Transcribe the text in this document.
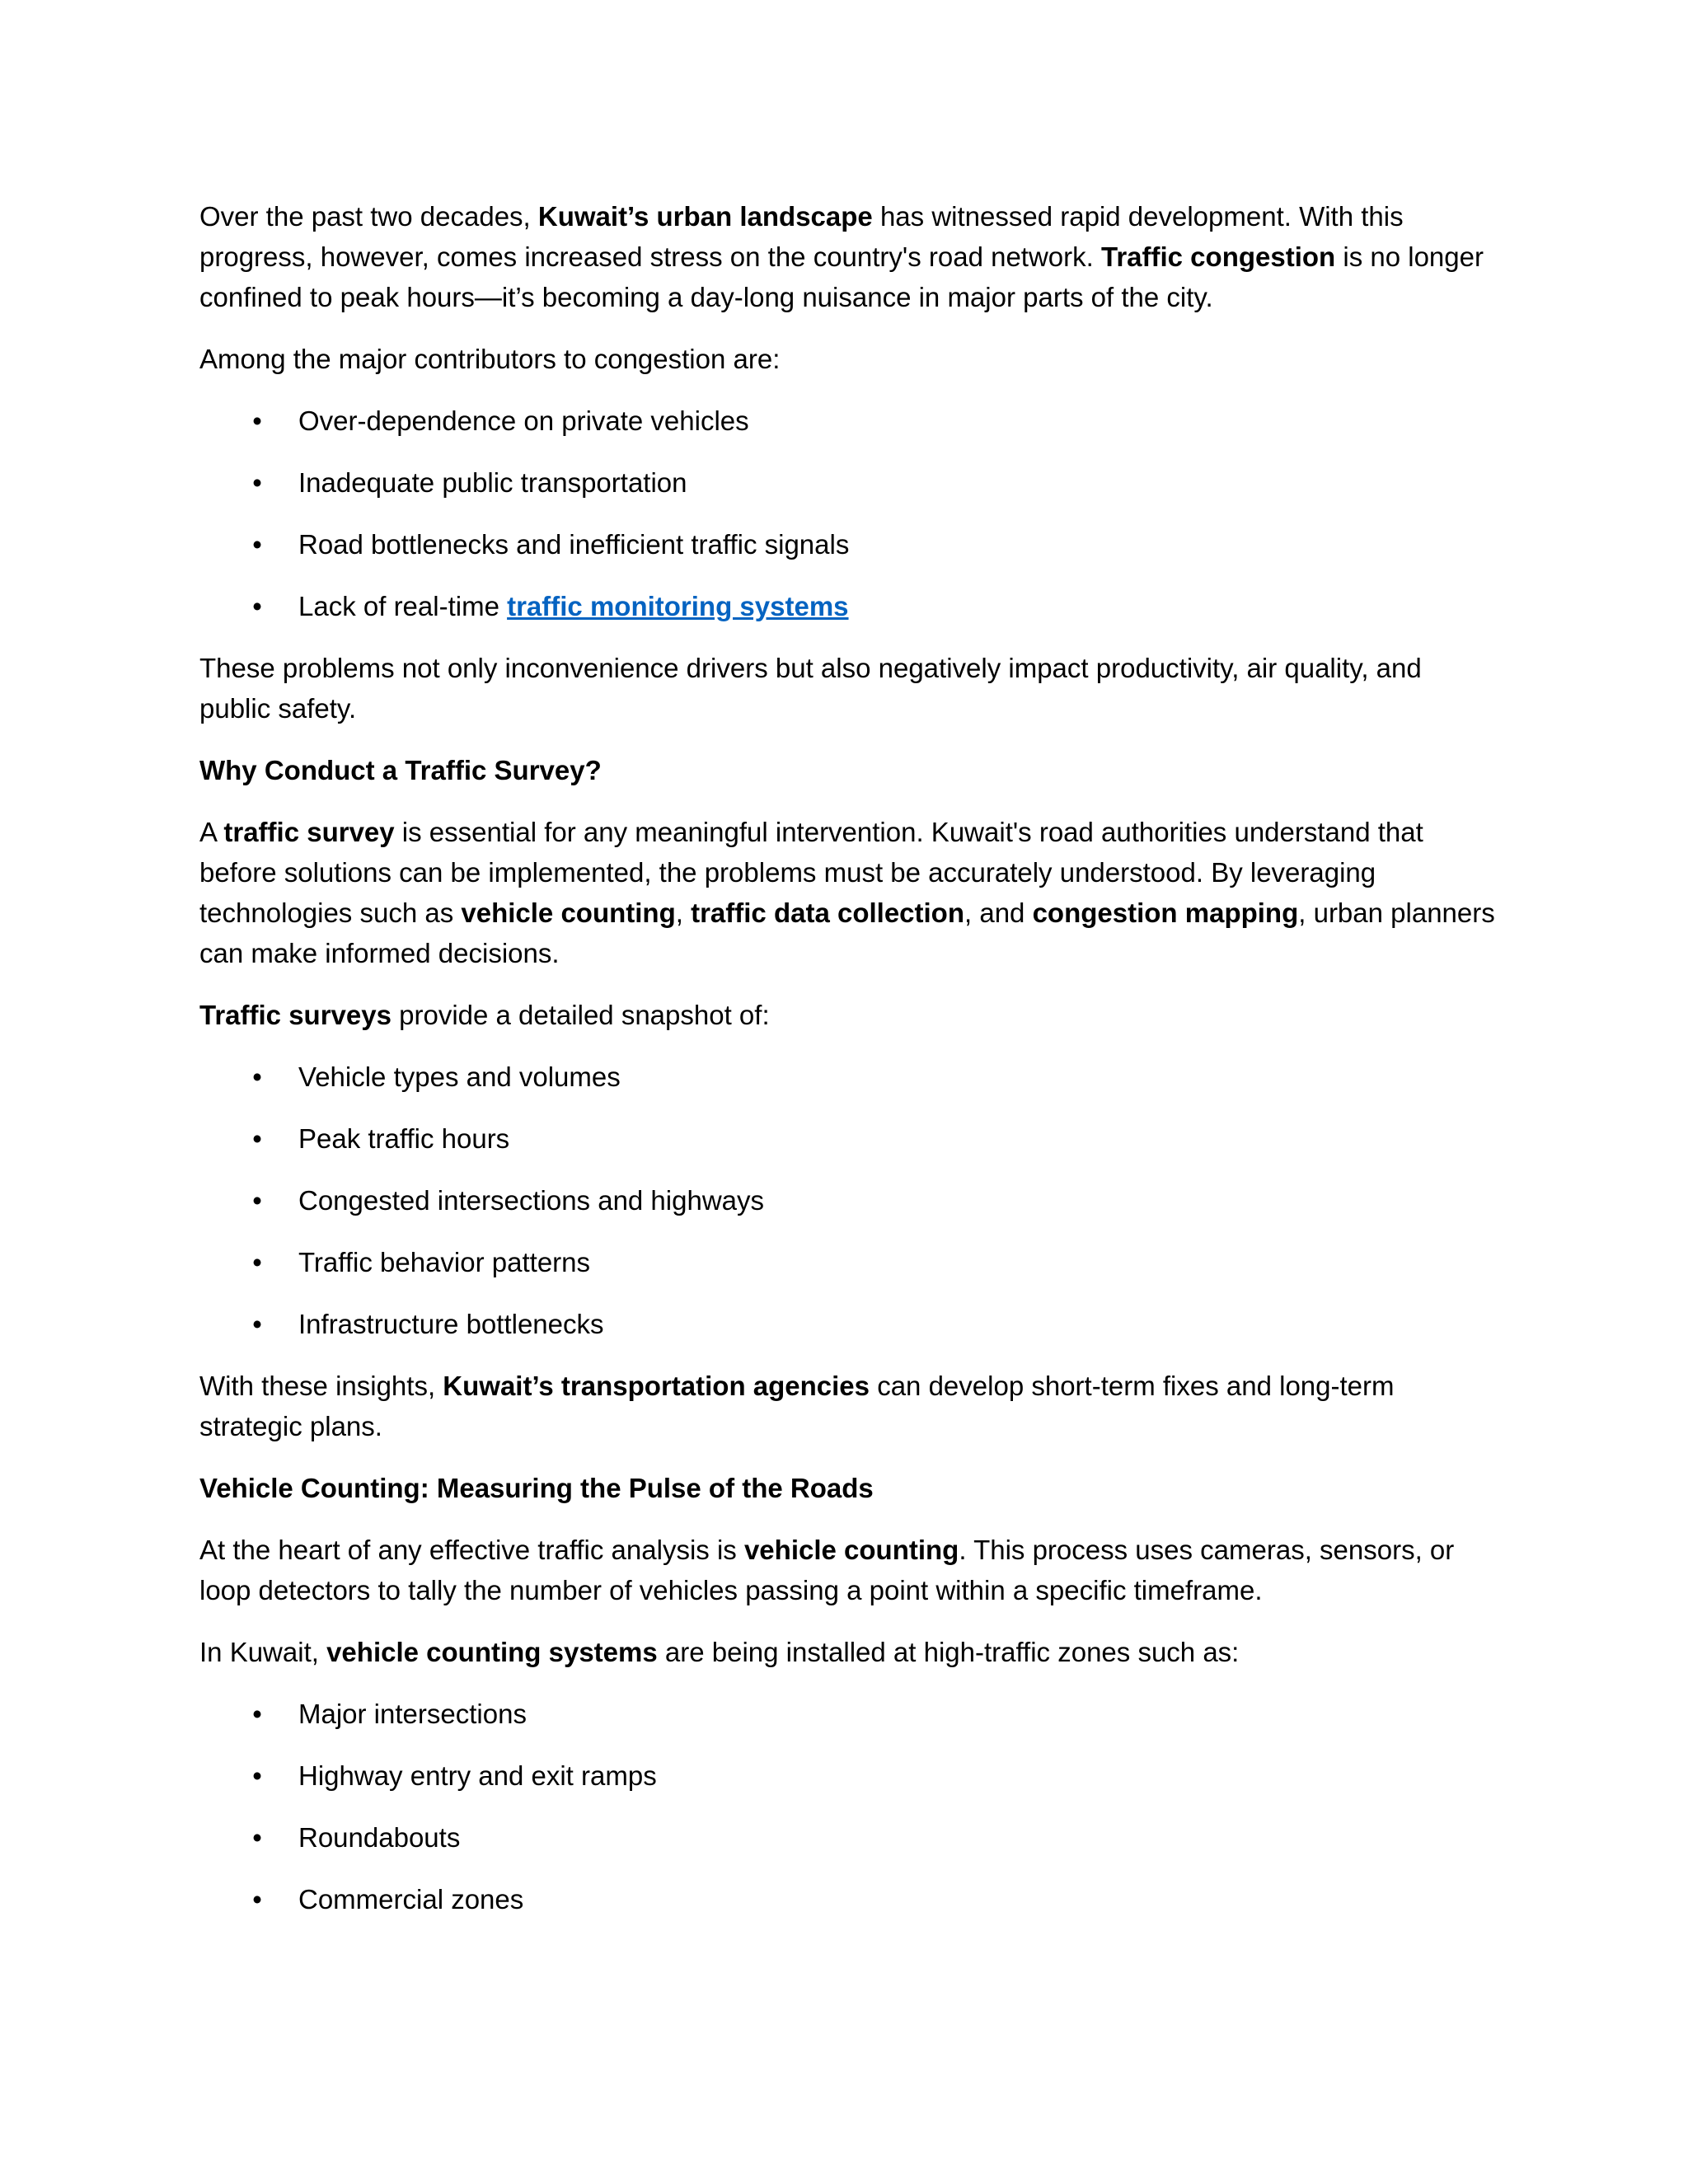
Over the past two decades, Kuwait’s urban landscape has witnessed rapid development. With this progress, however, comes increased stress on the country's road network. Traffic congestion is no longer confined to peak hours—it’s becoming a day-long nuisance in major parts of the city.

Among the major contributors to congestion are:

• Over-dependence on private vehicles
• Inadequate public transportation
• Road bottlenecks and inefficient traffic signals
• Lack of real-time traffic monitoring systems

These problems not only inconvenience drivers but also negatively impact productivity, air quality, and public safety.

Why Conduct a Traffic Survey?

A traffic survey is essential for any meaningful intervention. Kuwait's road authorities understand that before solutions can be implemented, the problems must be accurately understood. By leveraging technologies such as vehicle counting, traffic data collection, and congestion mapping, urban planners can make informed decisions.

Traffic surveys provide a detailed snapshot of:

• Vehicle types and volumes
• Peak traffic hours
• Congested intersections and highways
• Traffic behavior patterns
• Infrastructure bottlenecks

With these insights, Kuwait’s transportation agencies can develop short-term fixes and long-term strategic plans.

Vehicle Counting: Measuring the Pulse of the Roads

At the heart of any effective traffic analysis is vehicle counting. This process uses cameras, sensors, or loop detectors to tally the number of vehicles passing a point within a specific timeframe.

In Kuwait, vehicle counting systems are being installed at high-traffic zones such as:

• Major intersections
• Highway entry and exit ramps
• Roundabouts
• Commercial zones
